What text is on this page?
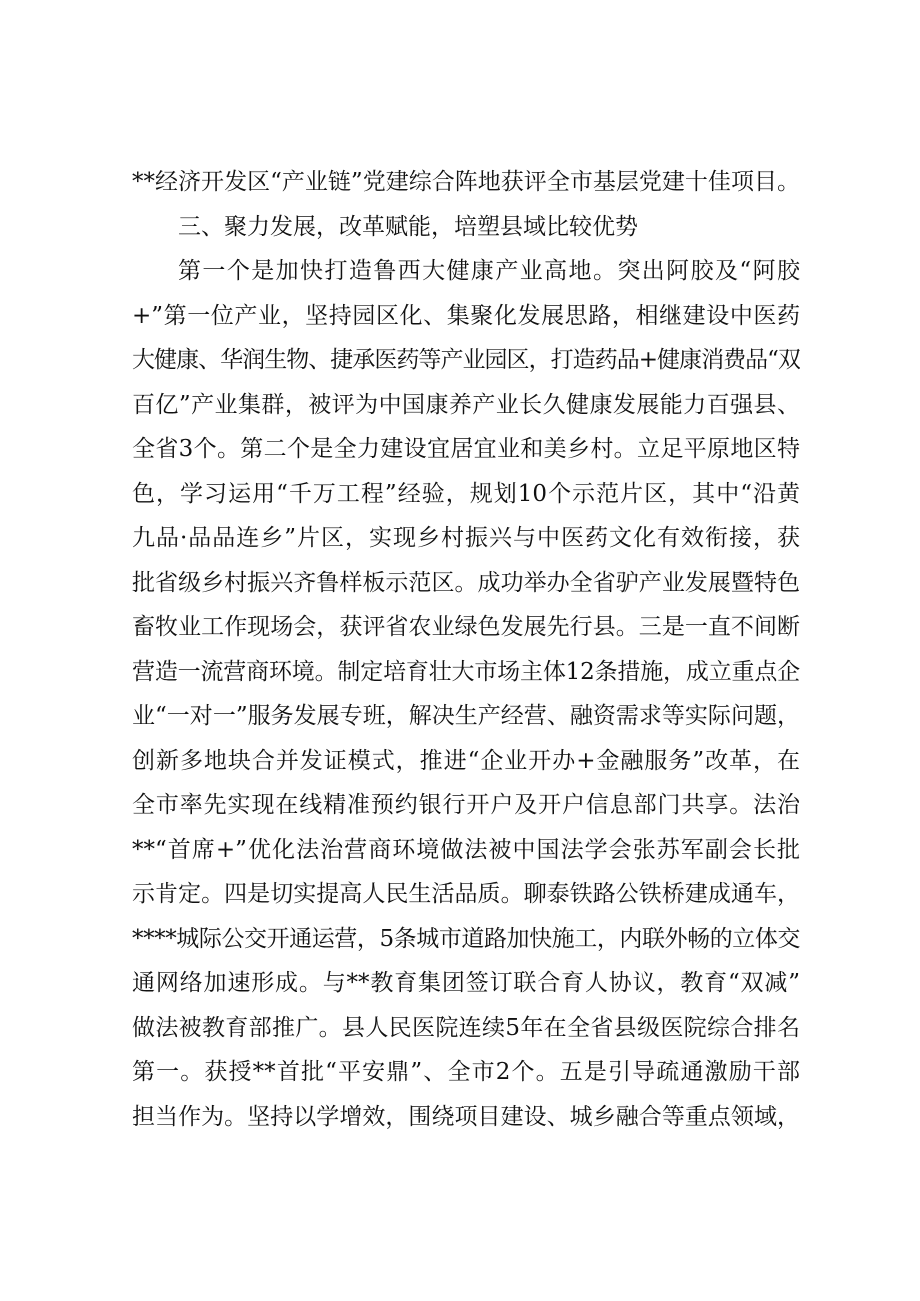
**经济开发区“产业链”党建综合阵地获评全市基层党建十佳项目。
三、聚力发展，改革赋能，培塑县域比较优势
第一个是加快打造鲁西大健康产业高地。突出阿胶及“阿胶
+”第一位产业，坚持园区化、集聚化发展思路，相继建设中医药
大健康、华润生物、捷承医药等产业园区，打造药品+健康消费品“双
百亿”产业集群，被评为中国康养产业长久健康发展能力百强县、
全省3个。第二个是全力建设宜居宜业和美乡村。立足平原地区特
色，学习运用“千万工程”经验，规划10个示范片区，其中“沿黄
九品·品品连乡”片区，实现乡村振兴与中医药文化有效衔接，获
批省级乡村振兴齐鲁样板示范区。成功举办全省驴产业发展暨特色
畜牧业工作现场会，获评省农业绿色发展先行县。三是一直不间断
营造一流营商环境。制定培育壮大市场主体12条措施，成立重点企
业“一对一”服务发展专班，解决生产经营、融资需求等实际问题，
创新多地块合并发证模式，推进“企业开办+金融服务”改革，在
全市率先实现在线精准预约银行开户及开户信息部门共享。法治
**“首席+”优化法治营商环境做法被中国法学会张苏军副会长批
示肯定。四是切实提高人民生活品质。聊泰铁路公铁桥建成通车，
****城际公交开通运营，5条城市道路加快施工，内联外畅的立体交
通网络加速形成。与**教育集团签订联合育人协议，教育“双减”
做法被教育部推广。县人民医院连续5年在全省县级医院综合排名
第一。获授**首批“平安鼎”、全市2个。五是引导疏通激励干部
担当作为。坚持以学增效，围绕项目建设、城乡融合等重点领域，
